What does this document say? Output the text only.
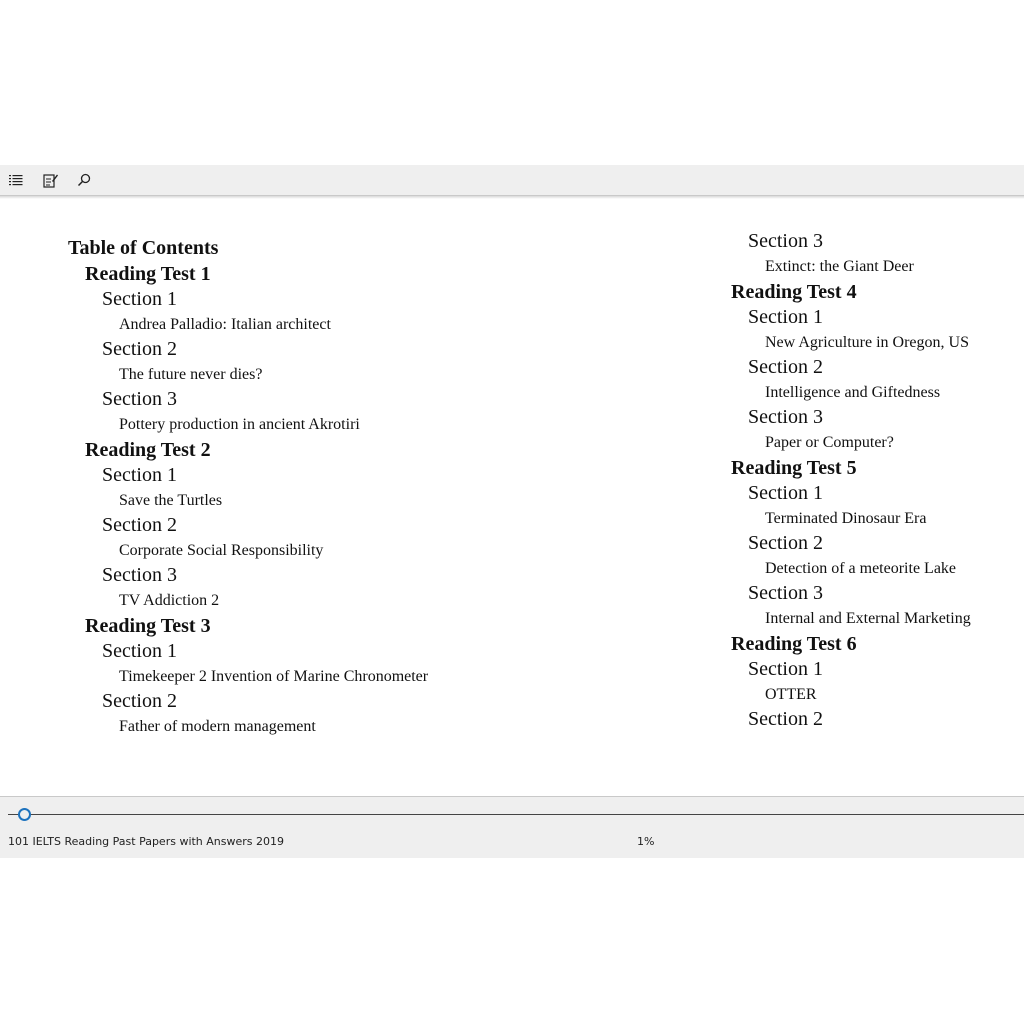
Table of Contents
Reading Test 1
Section 1
Andrea Palladio: Italian architect
Section 2
The future never dies?
Section 3
Pottery production in ancient Akrotiri
Reading Test 2
Section 1
Save the Turtles
Section 2
Corporate Social Responsibility
Section 3
TV Addiction 2
Reading Test 3
Section 1
Timekeeper 2 Invention of Marine Chronometer
Section 2
Father of modern management
Section 3
Extinct: the Giant Deer
Reading Test 4
Section 1
New Agriculture in Oregon, US
Section 2
Intelligence and Giftedness
Section 3
Paper or Computer?
Reading Test 5
Section 1
Terminated Dinosaur Era
Section 2
Detection of a meteorite Lake
Section 3
Internal and External Marketing
Reading Test 6
Section 1
OTTER
Section 2
101 IELTS Reading Past Papers with Answers 2019	1%
